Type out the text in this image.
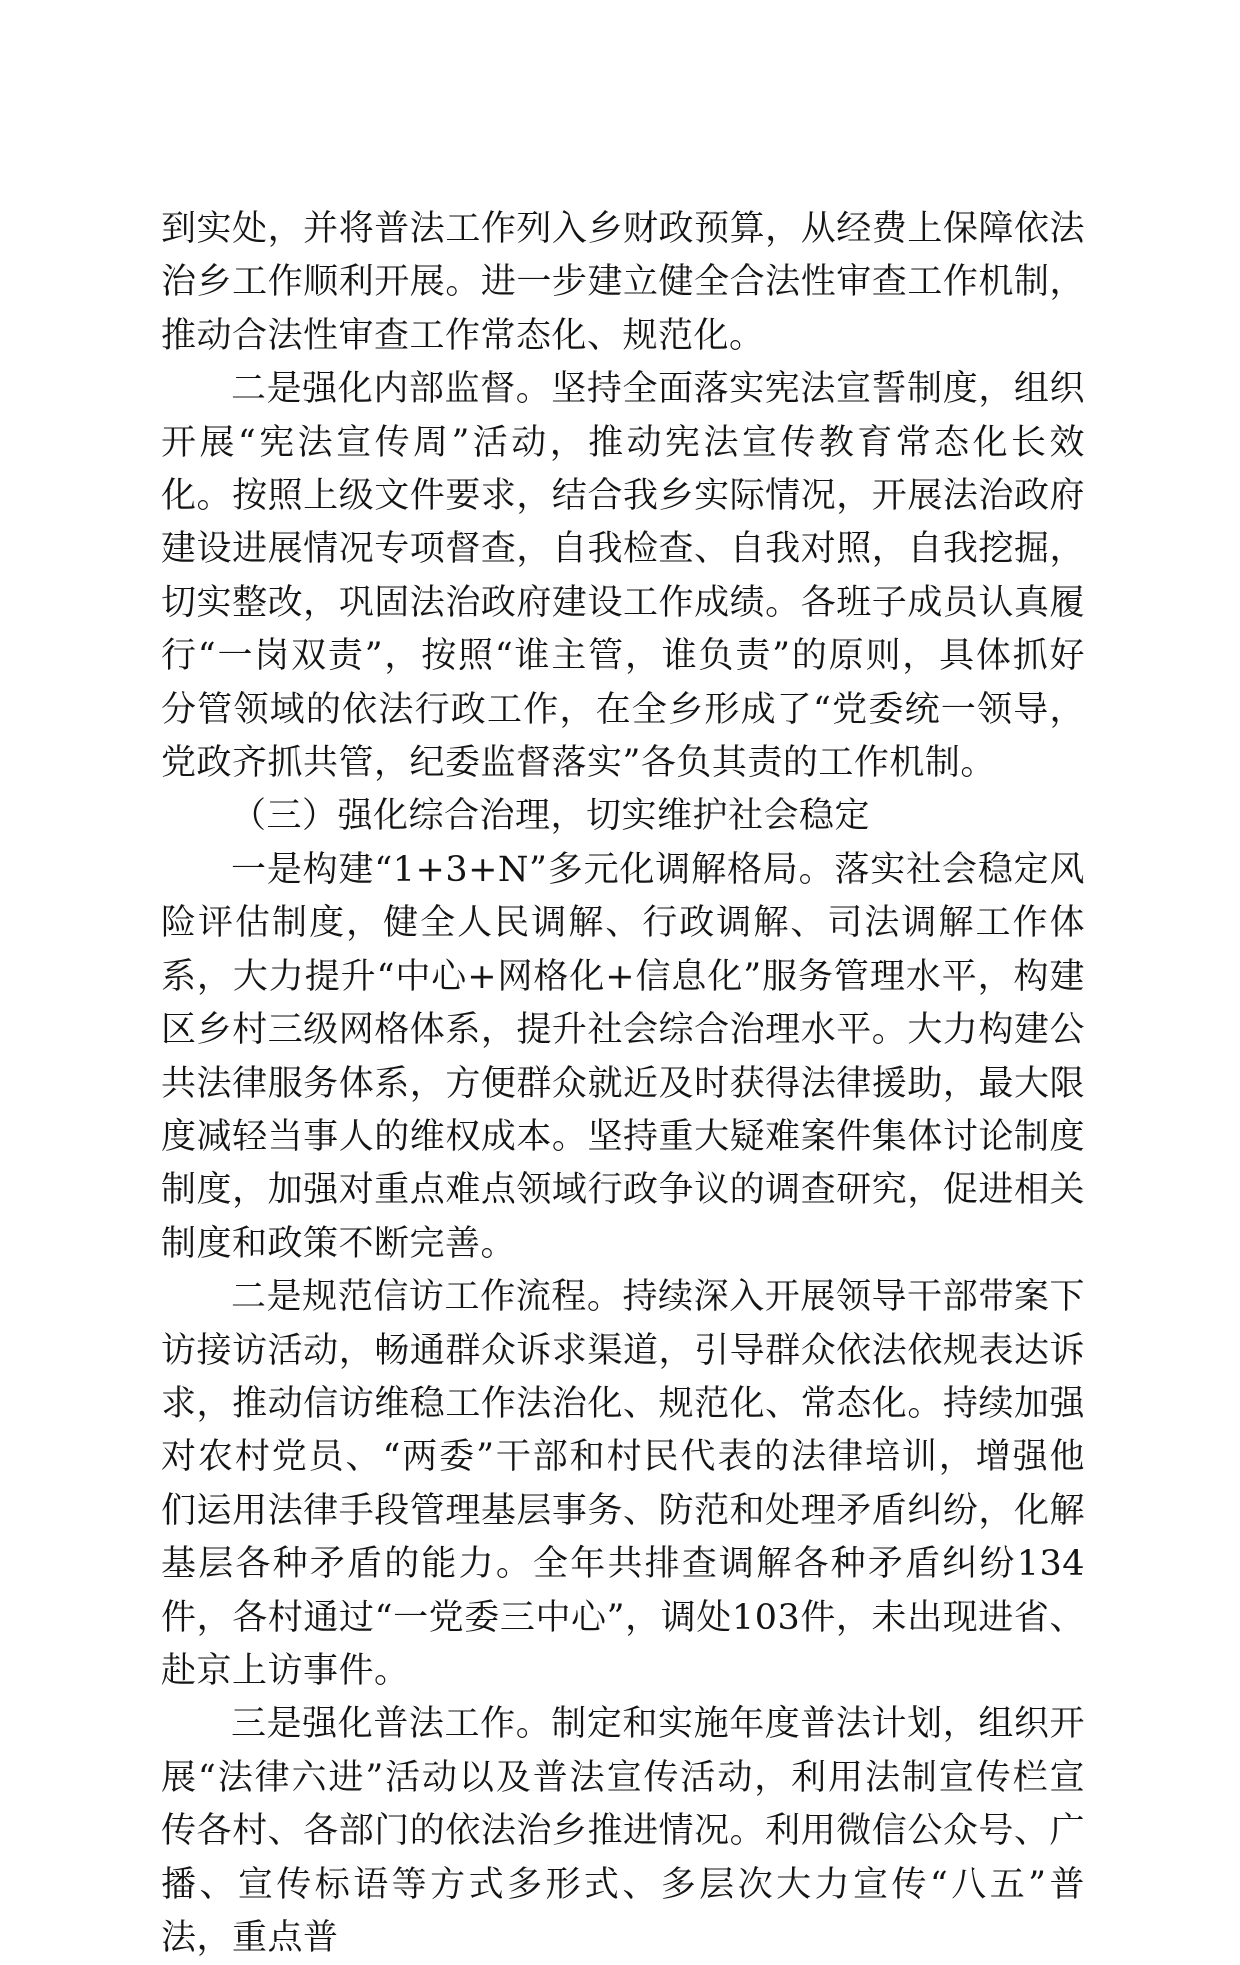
到实处，并将普法工作列入乡财政预算，从经费上保障依法治乡工作顺利开展。进一步建立健全合法性审查工作机制，推动合法性审查工作常态化、规范化。

二是强化内部监督。坚持全面落实宪法宣誓制度，组织开展“宪法宣传周”活动，推动宪法宣传教育常态化长效化。按照上级文件要求，结合我乡实际情况，开展法治政府建设进展情况专项督查，自我检查、自我对照，自我挖掘，切实整改，巩固法治政府建设工作成绩。各班子成员认真履行“一岗双责”，按照“谁主管，谁负责”的原则，具体抓好分管领域的依法行政工作，在全乡形成了“党委统一领导，党政齐抓共管，纪委监督落实”各负其责的工作机制。

（三）强化综合治理，切实维护社会稳定

一是构建“1+3+N”多元化调解格局。落实社会稳定风险评估制度，健全人民调解、行政调解、司法调解工作体系，大力提升“中心+网格化+信息化”服务管理水平，构建区乡村三级网格体系，提升社会综合治理水平。大力构建公共法律服务体系，方便群众就近及时获得法律援助，最大限度减轻当事人的维权成本。坚持重大疑难案件集体讨论制度制度，加强对重点难点领域行政争议的调查研究，促进相关制度和政策不断完善。

二是规范信访工作流程。持续深入开展领导干部带案下访接访活动，畅通群众诉求渠道，引导群众依法依规表达诉求，推动信访维稳工作法治化、规范化、常态化。持续加强对农村党员、“两委”干部和村民代表的法律培训，增强他们运用法律手段管理基层事务、防范和处理矛盾纠纷，化解基层各种矛盾的能力。全年共排查调解各种矛盾纠纷134件，各村通过“一党委三中心”，调处103件，未出现进省、赴京上访事件。

三是强化普法工作。制定和实施年度普法计划，组织开展“法律六进”活动以及普法宣传活动，利用法制宣传栏宣传各村、各部门的依法治乡推进情况。利用微信公众号、广播、宣传标语等方式多形式、多层次大力宣传“八五”普法，重点普
